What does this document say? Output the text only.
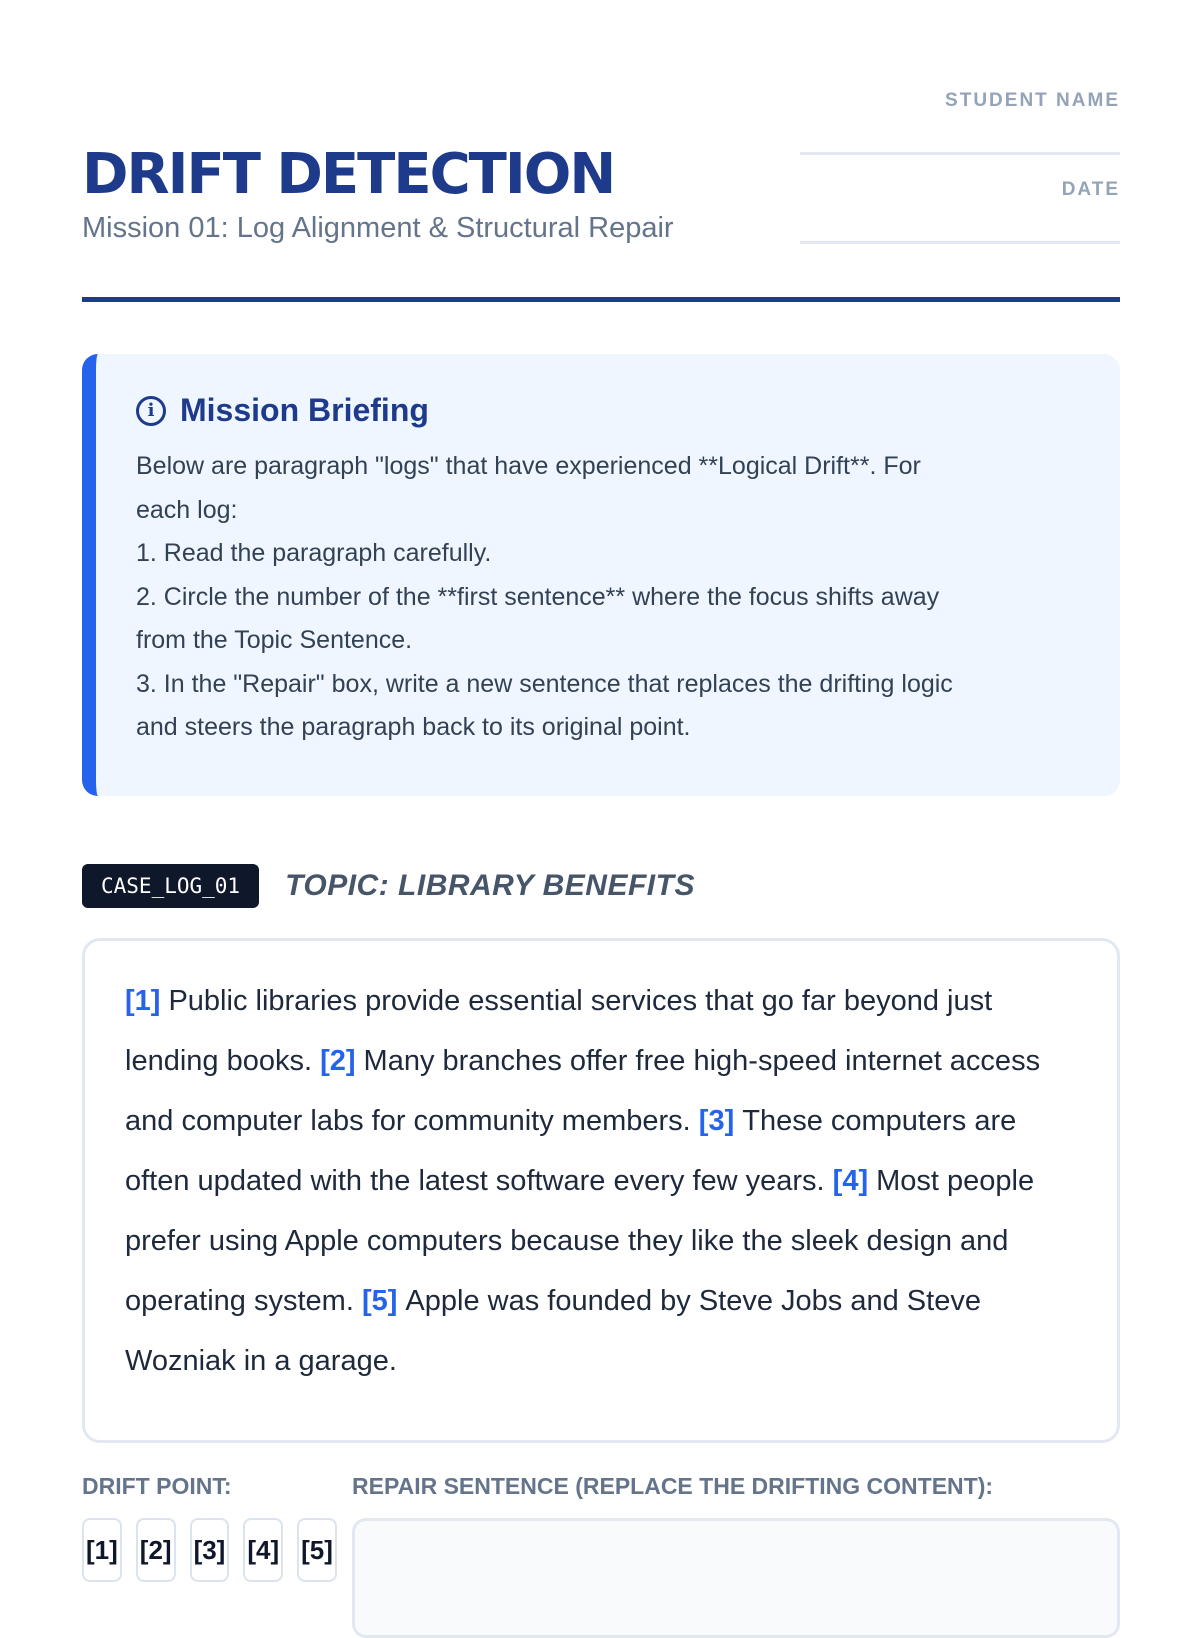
DRIFT DETECTION
Mission 01: Log Alignment & Structural Repair
STUDENT NAME
DATE
i Mission Briefing
Below are paragraph "logs" that have experienced **Logical Drift**. For
each log:
1. Read the paragraph carefully.
2. Circle the number of the **first sentence** where the focus shifts away
from the Topic Sentence.
3. In the "Repair" box, write a new sentence that replaces the drifting logic
and steers the paragraph back to its original point.
CASE_LOG_01	TOPIC: LIBRARY BENEFITS

[1] Public libraries provide essential services that go far beyond just lending books. [2] Many branches offer free high-speed internet access and computer labs for community members. [3] These computers are often updated with the latest software every few years. [4] Most people prefer using Apple computers because they like the sleek design and operating system. [5] Apple was founded by Steve Jobs and Steve Wozniak in a garage.

DRIFT POINT:	REPAIR SENTENCE (REPLACE THE DRIFTING CONTENT):
[1] [2] [3] [4] [5]
